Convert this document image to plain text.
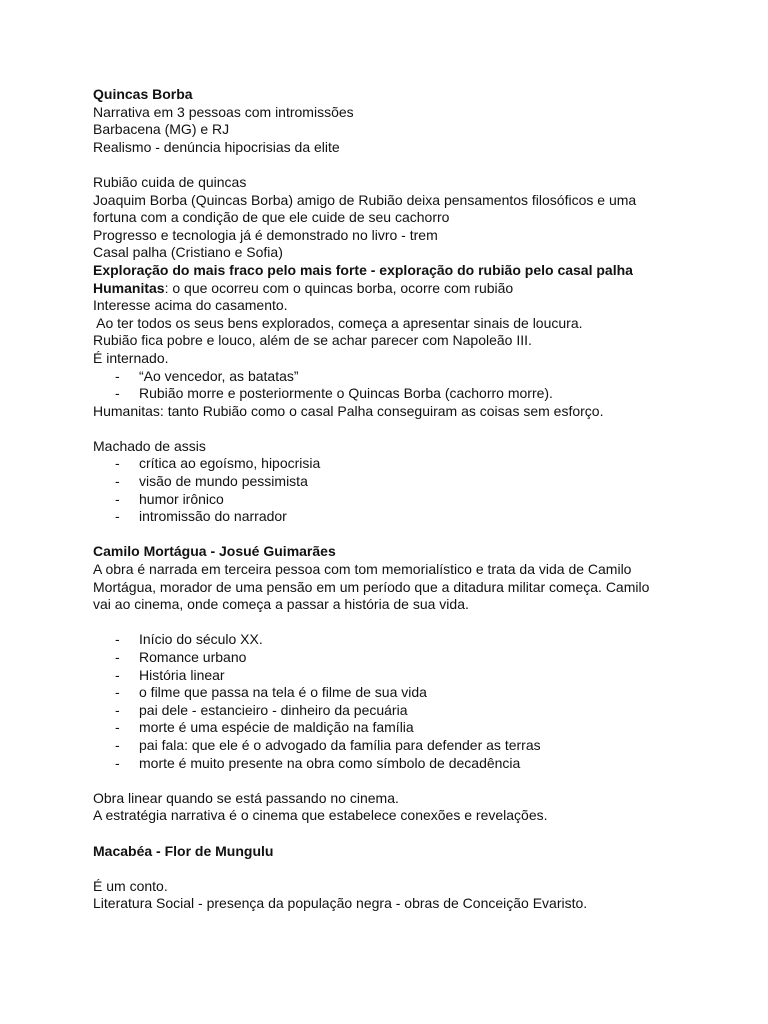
Quincas Borba
Narrativa em 3 pessoas com intromissões
Barbacena (MG) e RJ
Realismo - denúncia hipocrisias da elite
Rubião cuida de quincas
Joaquim Borba (Quincas Borba) amigo de Rubião deixa pensamentos filosóficos e uma
fortuna com a condição de que ele cuide de seu cachorro
Progresso e tecnologia já é demonstrado no livro - trem
Casal palha (Cristiano e Sofia)
Exploração do mais fraco pelo mais forte - exploração do rubião pelo casal palha
Humanitas: o que ocorreu com o quincas borba, ocorre com rubião
Interesse acima do casamento.
Ao ter todos os seus bens explorados, começa a apresentar sinais de loucura.
Rubião fica pobre e louco, além de se achar parecer com Napoleão III.
É internado.
- “Ao vencedor, as batatas”
- Rubião morre e posteriormente o Quincas Borba (cachorro morre).
Humanitas: tanto Rubião como o casal Palha conseguiram as coisas sem esforço.
Machado de assis
- crítica ao egoísmo, hipocrisia
- visão de mundo pessimista
- humor irônico
- intromissão do narrador
Camilo Mortágua - Josué Guimarães
A obra é narrada em terceira pessoa com tom memorialístico e trata da vida de Camilo
Mortágua, morador de uma pensão em um período que a ditadura militar começa. Camilo
vai ao cinema, onde começa a passar a história de sua vida.
- Início do século XX.
- Romance urbano
- História linear
- o filme que passa na tela é o filme de sua vida
- pai dele - estancieiro - dinheiro da pecuária
- morte é uma espécie de maldição na família
- pai fala: que ele é o advogado da família para defender as terras
- morte é muito presente na obra como símbolo de decadência
Obra linear quando se está passando no cinema.
A estratégia narrativa é o cinema que estabelece conexões e revelações.
Macabéa - Flor de Mungulu
É um conto.
Literatura Social - presença da população negra - obras de Conceição Evaristo.
